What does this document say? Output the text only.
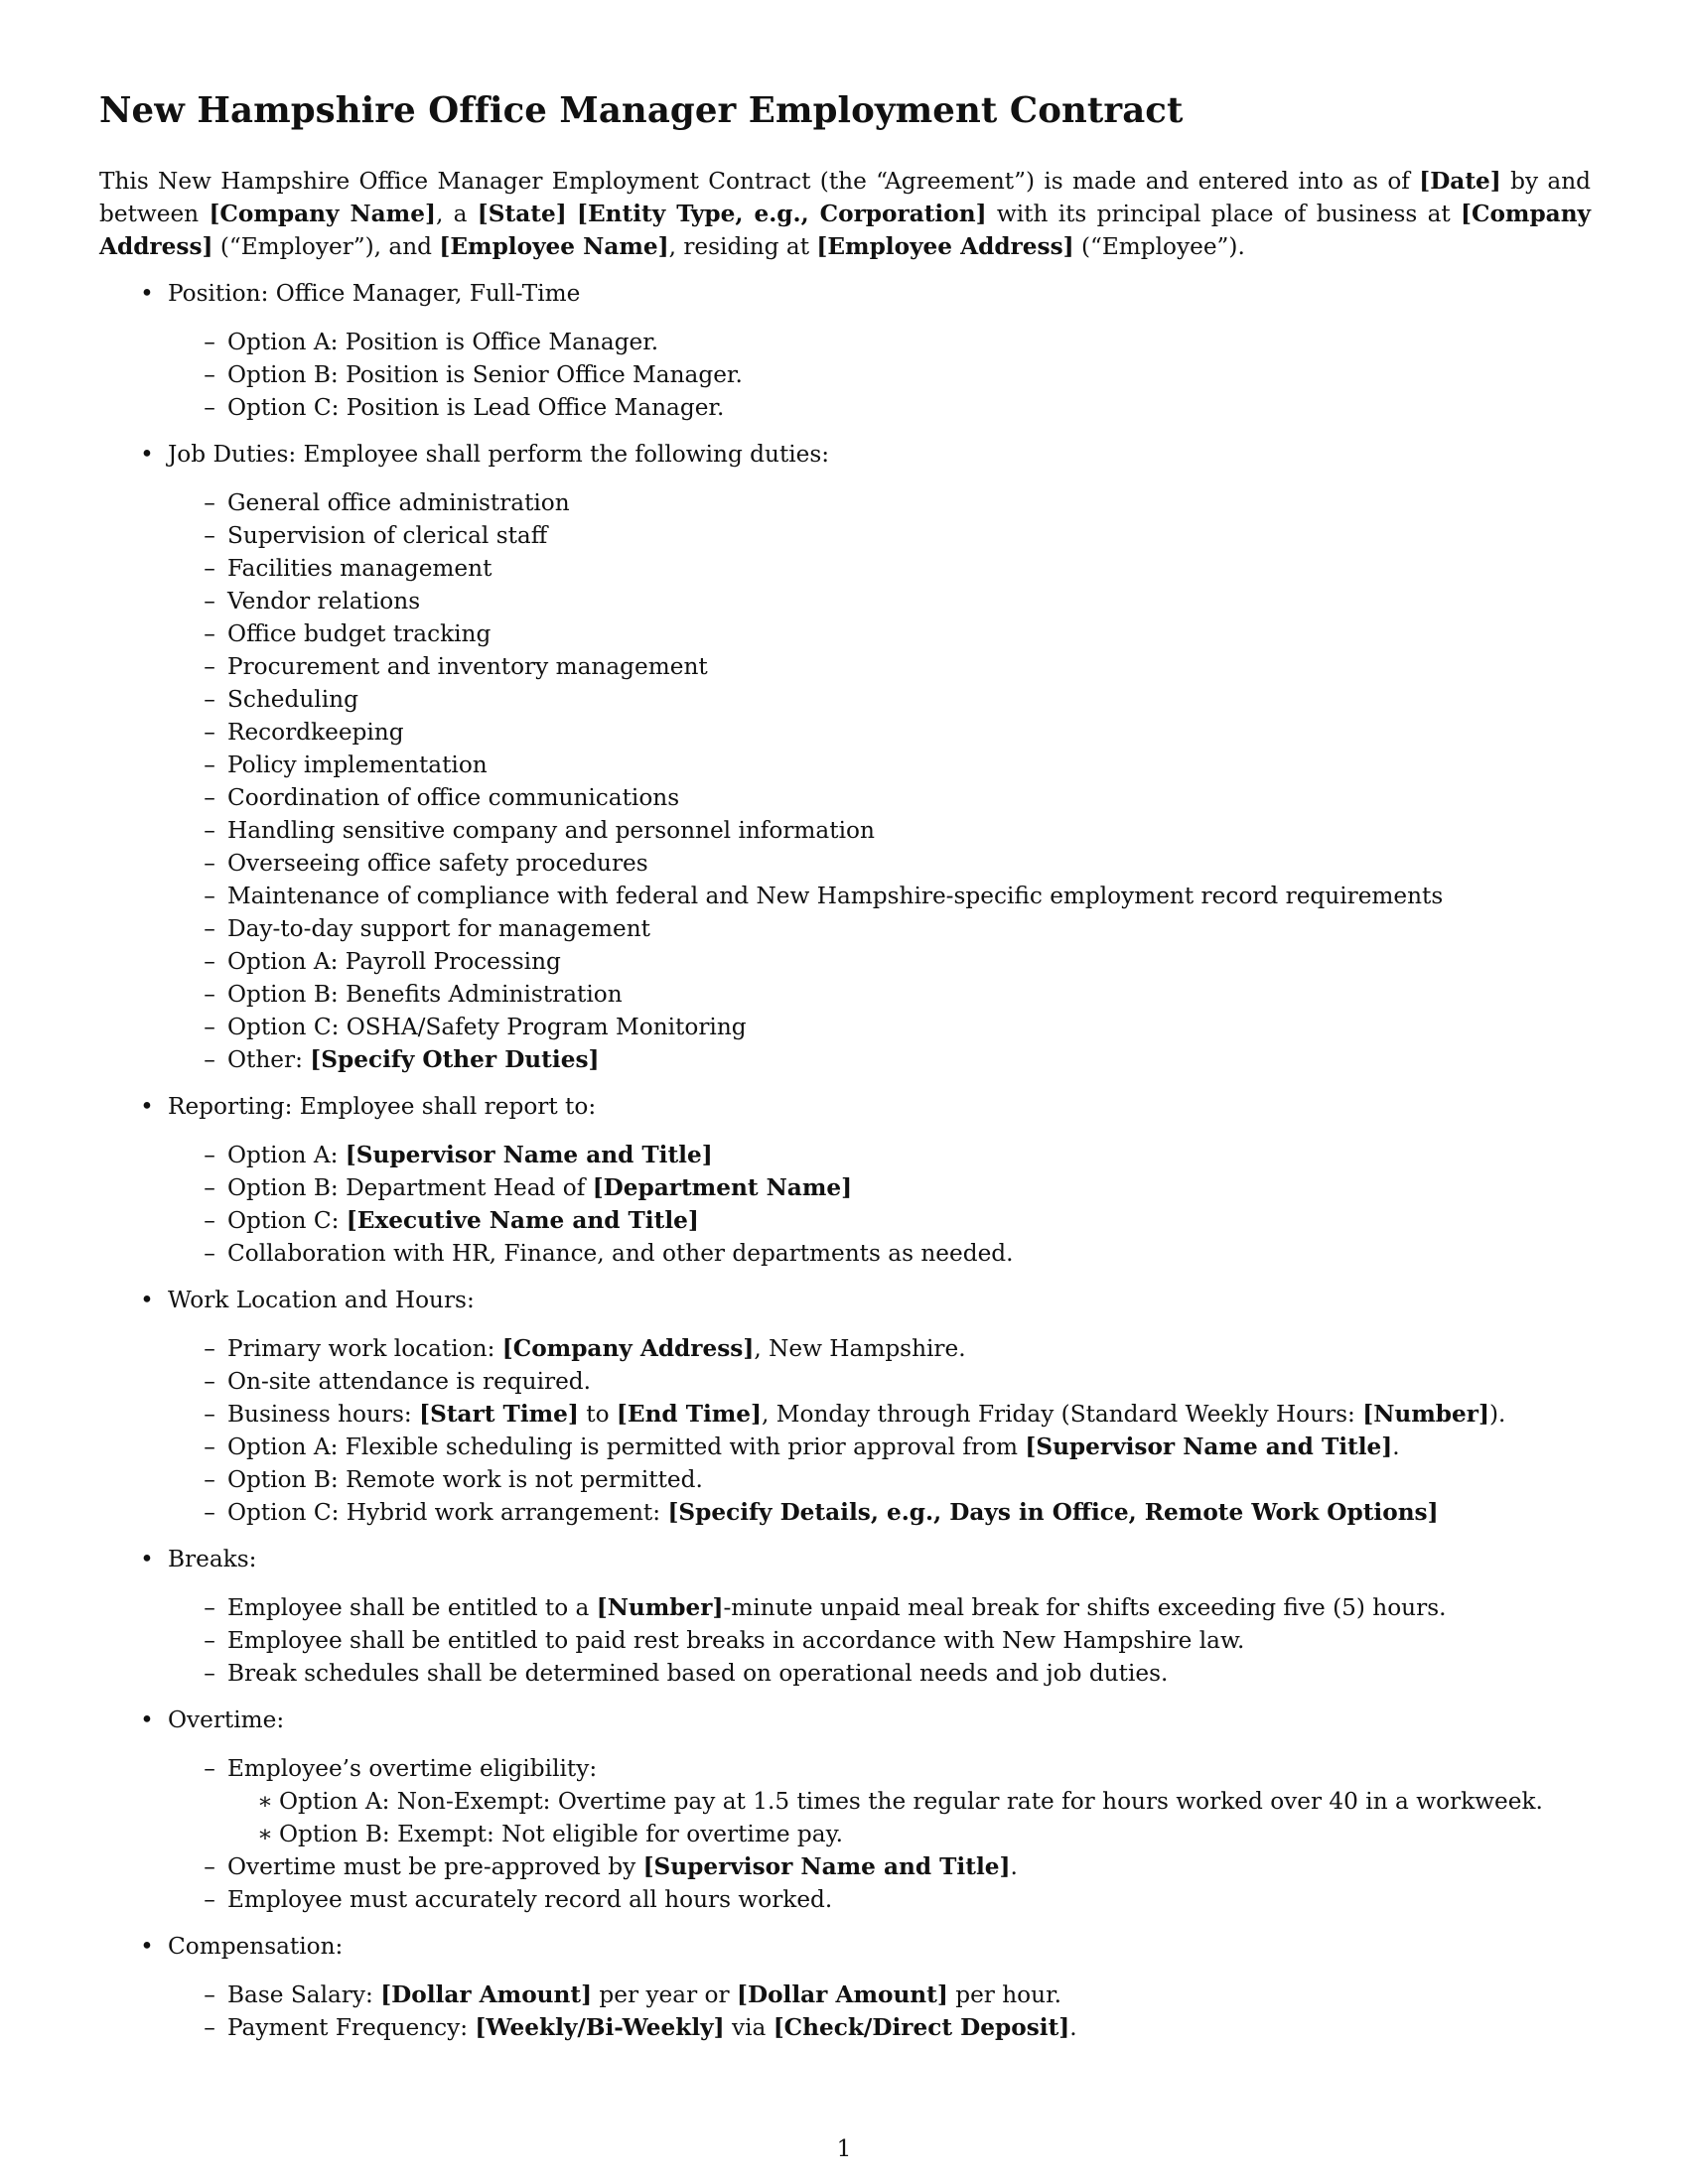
New Hampshire Office Manager Employment Contract

This New Hampshire Office Manager Employment Contract (the “Agreement”) is made and entered into as of [Date] by and between [Company Name], a [State] [Entity Type, e.g., Corporation] with its principal place of business at [Company Address] (“Employer”), and [Employee Name], residing at [Employee Address] (“Employee”).

• Position: Office Manager, Full-Time
– Option A: Position is Office Manager.
– Option B: Position is Senior Office Manager.
– Option C: Position is Lead Office Manager.
• Job Duties: Employee shall perform the following duties:
– General office administration
– Supervision of clerical staff
– Facilities management
– Vendor relations
– Office budget tracking
– Procurement and inventory management
– Scheduling
– Recordkeeping
– Policy implementation
– Coordination of office communications
– Handling sensitive company and personnel information
– Overseeing office safety procedures
– Maintenance of compliance with federal and New Hampshire-specific employment record requirements
– Day-to-day support for management
– Option A: Payroll Processing
– Option B: Benefits Administration
– Option C: OSHA/Safety Program Monitoring
– Other: [Specify Other Duties]
• Reporting: Employee shall report to:
– Option A: [Supervisor Name and Title]
– Option B: Department Head of [Department Name]
– Option C: [Executive Name and Title]
– Collaboration with HR, Finance, and other departments as needed.
• Work Location and Hours:
– Primary work location: [Company Address], New Hampshire.
– On-site attendance is required.
– Business hours: [Start Time] to [End Time], Monday through Friday (Standard Weekly Hours: [Number]).
– Option A: Flexible scheduling is permitted with prior approval from [Supervisor Name and Title].
– Option B: Remote work is not permitted.
– Option C: Hybrid work arrangement: [Specify Details, e.g., Days in Office, Remote Work Options]
• Breaks:
– Employee shall be entitled to a [Number]-minute unpaid meal break for shifts exceeding five (5) hours.
– Employee shall be entitled to paid rest breaks in accordance with New Hampshire law.
– Break schedules shall be determined based on operational needs and job duties.
• Overtime:
– Employee’s overtime eligibility:
∗ Option A: Non-Exempt: Overtime pay at 1.5 times the regular rate for hours worked over 40 in a workweek.
∗ Option B: Exempt: Not eligible for overtime pay.
– Overtime must be pre-approved by [Supervisor Name and Title].
– Employee must accurately record all hours worked.
• Compensation:
– Base Salary: [Dollar Amount] per year or [Dollar Amount] per hour.
– Payment Frequency: [Weekly/Bi-Weekly] via [Check/Direct Deposit].
1
